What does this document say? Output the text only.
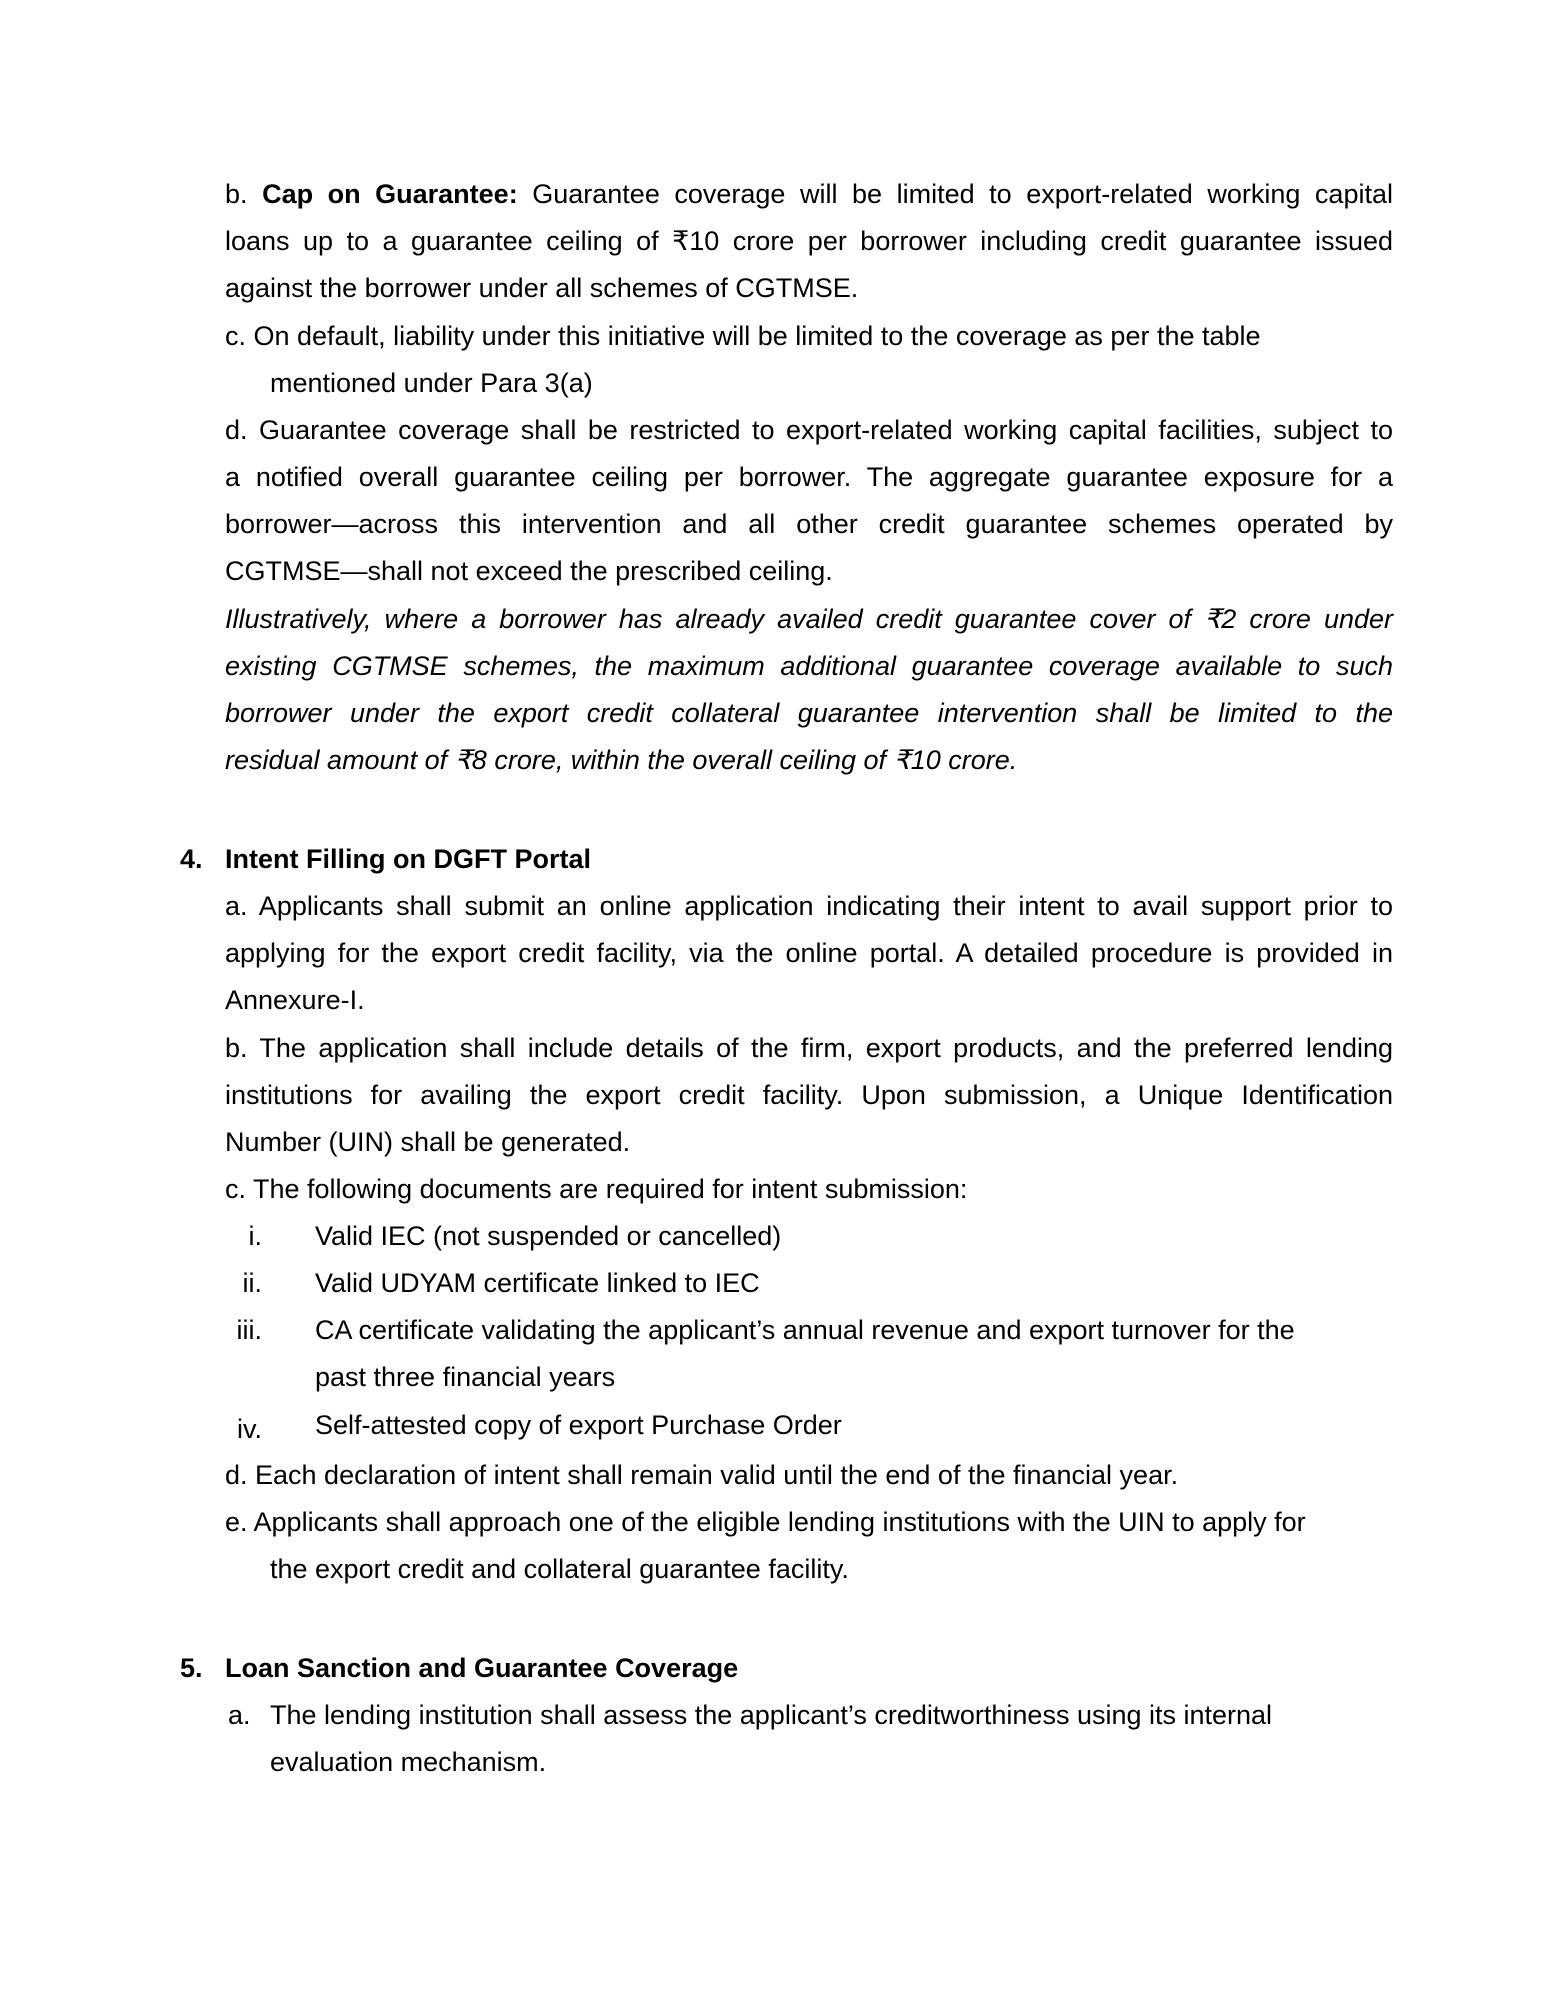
b. Cap on Guarantee: Guarantee coverage will be limited to export-related working capital
loans up to a guarantee ceiling of ₹10 crore per borrower including credit guarantee issued
against the borrower under all schemes of CGTMSE.
c. On default, liability under this initiative will be limited to the coverage as per the table
mentioned under Para 3(a)
d. Guarantee coverage shall be restricted to export-related working capital facilities, subject to
a notified overall guarantee ceiling per borrower. The aggregate guarantee exposure for a
borrower—across this intervention and all other credit guarantee schemes operated by
CGTMSE—shall not exceed the prescribed ceiling.
Illustratively, where a borrower has already availed credit guarantee cover of ₹2 crore under
existing CGTMSE schemes, the maximum additional guarantee coverage available to such
borrower under the export credit collateral guarantee intervention shall be limited to the
residual amount of ₹8 crore, within the overall ceiling of ₹10 crore.
4. Intent Filling on DGFT Portal
a. Applicants shall submit an online application indicating their intent to avail support prior to
applying for the export credit facility, via the online portal. A detailed procedure is provided in
Annexure-I.
b. The application shall include details of the firm, export products, and the preferred lending
institutions for availing the export credit facility. Upon submission, a Unique Identification
Number (UIN) shall be generated.
c. The following documents are required for intent submission:
i. Valid IEC (not suspended or cancelled)
ii. Valid UDYAM certificate linked to IEC
iii. CA certificate validating the applicant’s annual revenue and export turnover for the
past three financial years
iv. Self-attested copy of export Purchase Order
d. Each declaration of intent shall remain valid until the end of the financial year.
e. Applicants shall approach one of the eligible lending institutions with the UIN to apply for
the export credit and collateral guarantee facility.
5. Loan Sanction and Guarantee Coverage
a. The lending institution shall assess the applicant’s creditworthiness using its internal
evaluation mechanism.
